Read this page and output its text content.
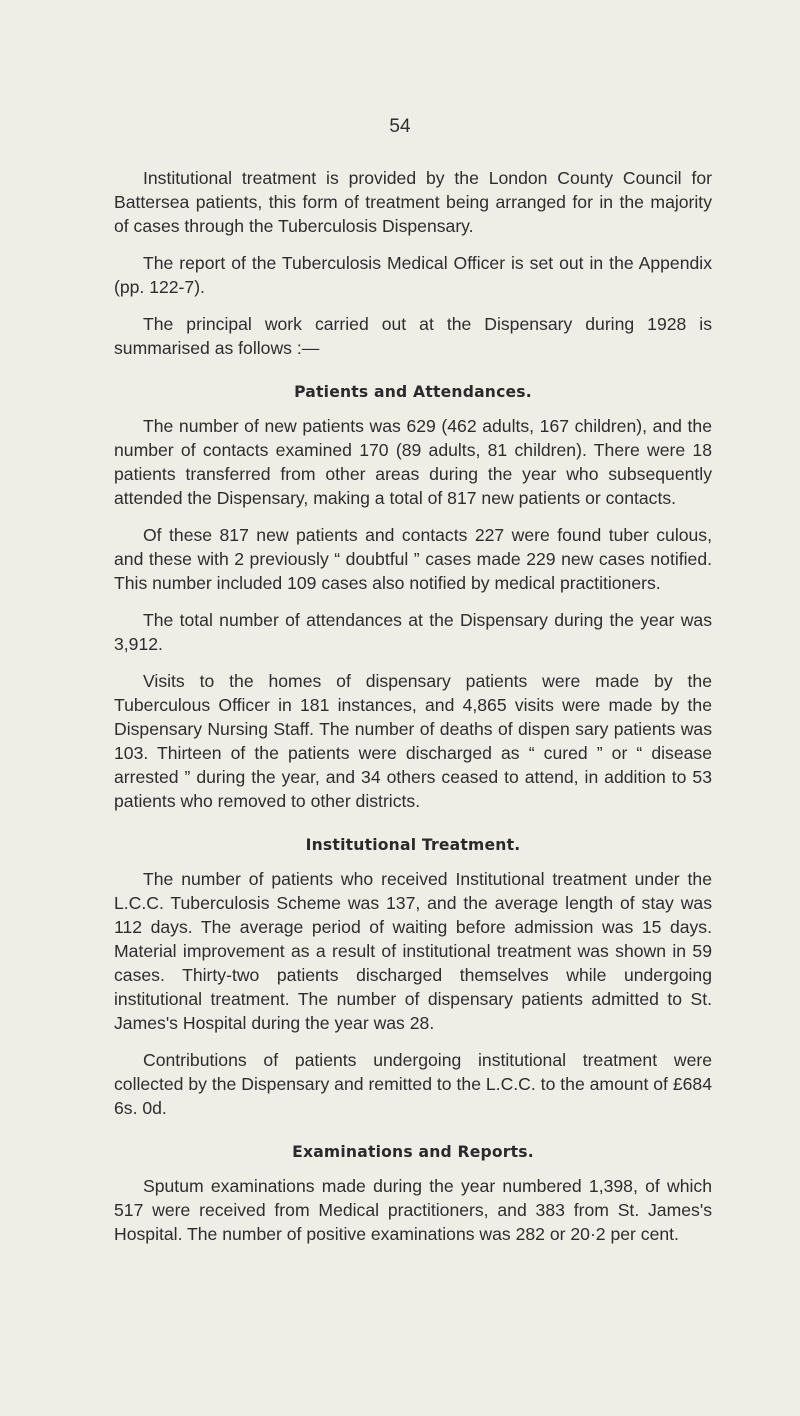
54

Institutional treatment is provided by the London County Council for Battersea patients, this form of treatment being arranged for in the majority of cases through the Tuberculosis Dispensary.

The report of the Tuberculosis Medical Officer is set out in the Appendix (pp. 122-7).

The principal work carried out at the Dispensary during 1928 is summarised as follows :—

Patients and Attendances.

The number of new patients was 629 (462 adults, 167 children), and the number of contacts examined 170 (89 adults, 81 children). There were 18 patients transferred from other areas during the year who subsequently attended the Dispensary, making a total of 817 new patients or contacts.

Of these 817 new patients and contacts 227 were found tuber culous, and these with 2 previously “ doubtful ” cases made 229 new cases notified. This number included 109 cases also notified by medical practitioners.

The total number of attendances at the Dispensary during the year was 3,912.

Visits to the homes of dispensary patients were made by the Tuberculous Officer in 181 instances, and 4,865 visits were made by the Dispensary Nursing Staff. The number of deaths of dispen sary patients was 103. Thirteen of the patients were discharged as “ cured ” or “ disease arrested ” during the year, and 34 others ceased to attend, in addition to 53 patients who removed to other districts.

Institutional Treatment.

The number of patients who received Institutional treatment under the L.C.C. Tuberculosis Scheme was 137, and the average length of stay was 112 days. The average period of waiting before admission was 15 days. Material improvement as a result of institutional treatment was shown in 59 cases. Thirty-two patients discharged themselves while undergoing institutional treatment. The number of dispensary patients admitted to St. James's Hospital during the year was 28.

Contributions of patients undergoing institutional treatment were collected by the Dispensary and remitted to the L.C.C. to the amount of £684 6s. 0d.

Examinations and Reports.

Sputum examinations made during the year numbered 1,398, of which 517 were received from Medical practitioners, and 383 from St. James's Hospital. The number of positive examinations was 282 or 20·2 per cent.
